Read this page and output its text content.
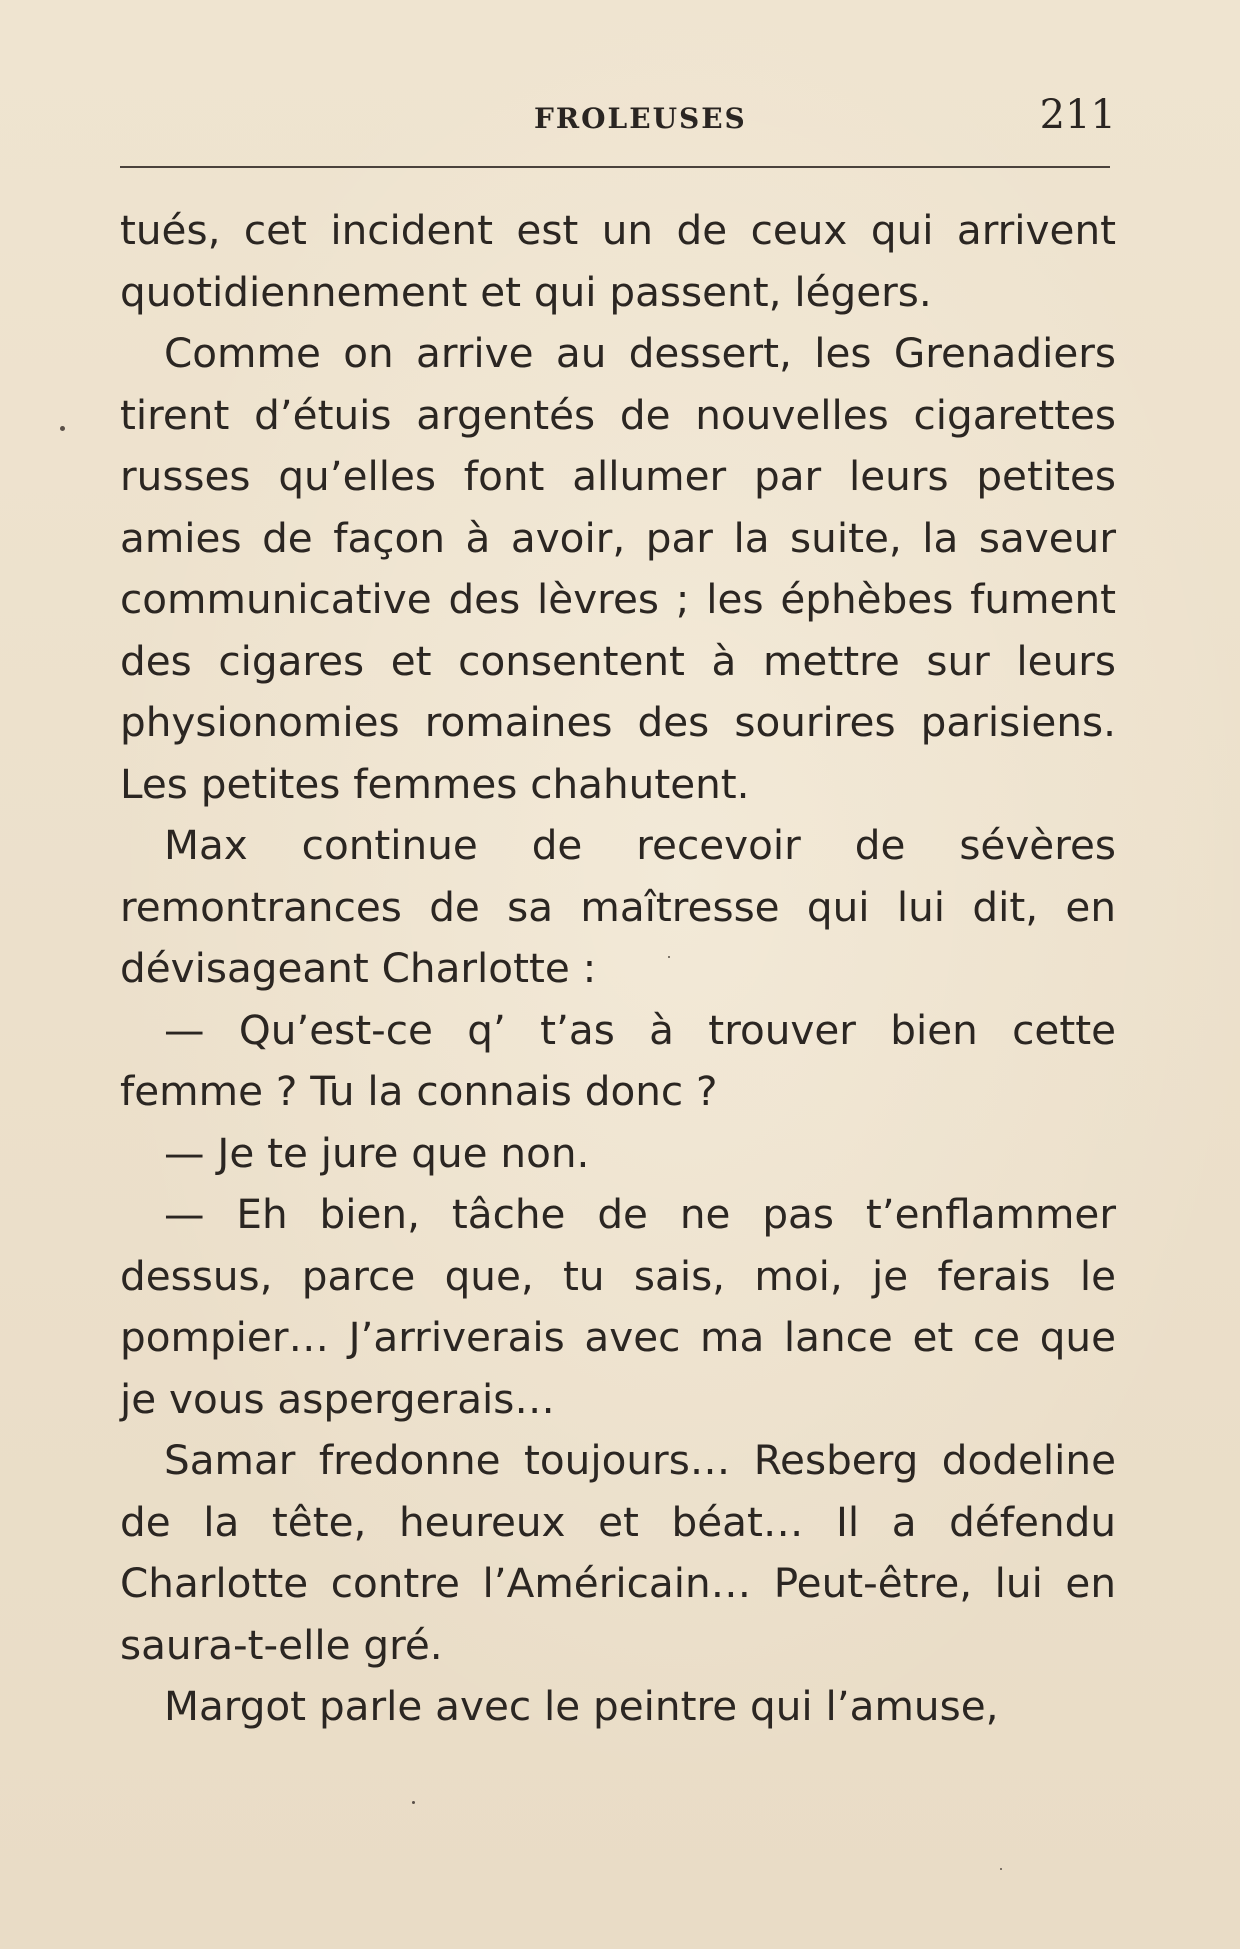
FROLEUSES	211

tués, cet incident est un de ceux qui arrivent quotidiennement et qui passent, légers.

Comme on arrive au dessert, les Grenadiers tirent d’étuis argentés de nouvelles cigarettes russes qu’elles font allumer par leurs petites amies de façon à avoir, par la suite, la saveur communicative des lèvres ; les éphèbes fument des cigares et consentent à mettre sur leurs physionomies romaines des sourires parisiens. Les petites femmes chahutent.

Max continue de recevoir de sévères remontrances de sa maîtresse qui lui dit, en dévisageant Charlotte :

— Qu’est-ce q’ t’as à trouver bien cette femme ? Tu la connais donc ?

— Je te jure que non.

— Eh bien, tâche de ne pas t’enflammer dessus, parce que, tu sais, moi, je ferais le pompier… J’arriverais avec ma lance et ce que je vous aspergerais…

Samar fredonne toujours… Resberg dodeline de la tête, heureux et béat… Il a défendu Charlotte contre l’Américain… Peut-être, lui en saura-t-elle gré.

Margot parle avec le peintre qui l’amuse,
